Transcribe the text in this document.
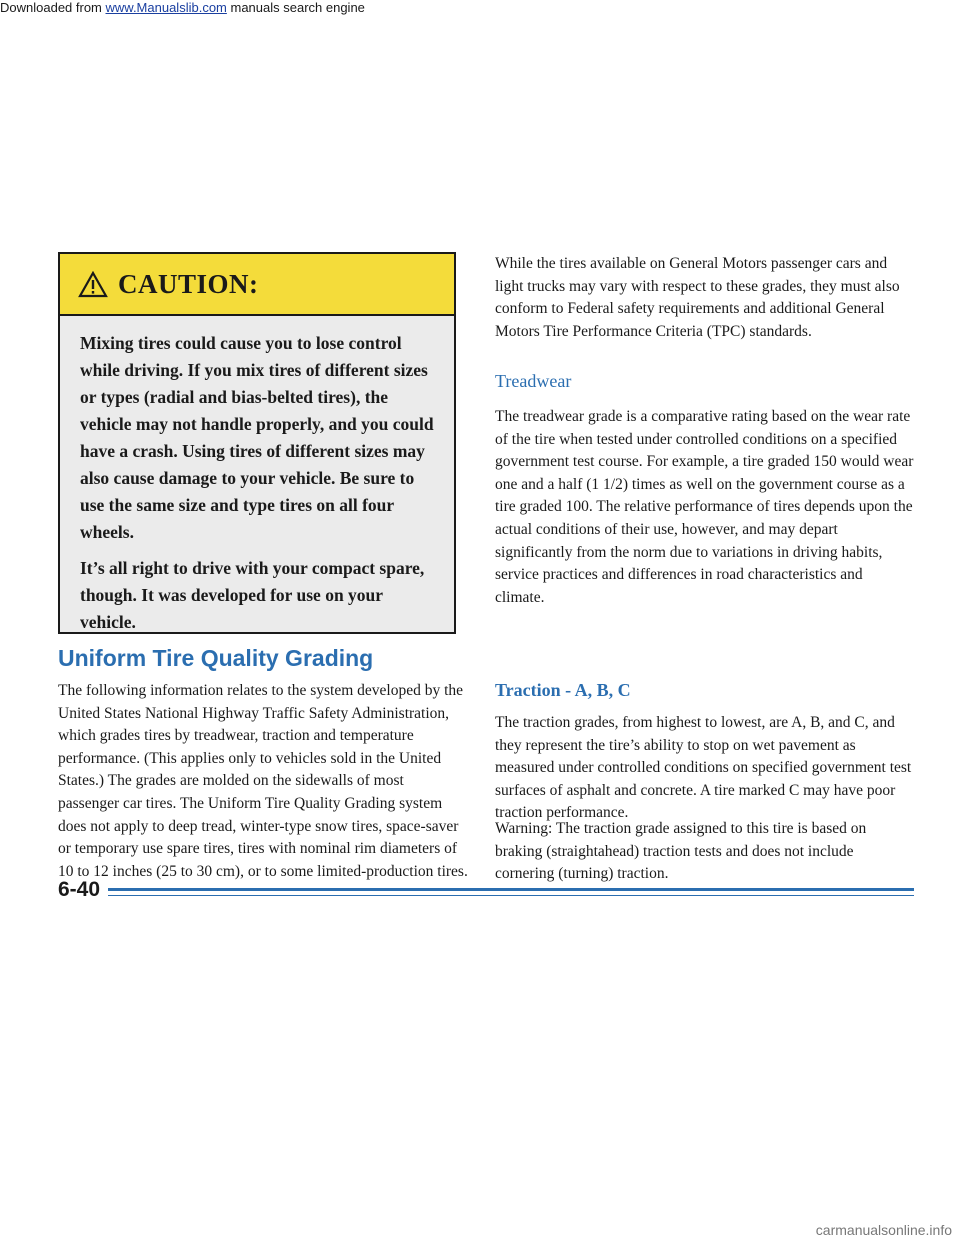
Downloaded from www.Manualslib.com manuals search engine

CAUTION:

Mixing tires could cause you to lose control while driving. If you mix tires of different sizes or types (radial and bias-belted tires), the vehicle may not handle properly, and you could have a crash. Using tires of different sizes may also cause damage to your vehicle. Be sure to use the same size and type tires on all four wheels.

It’s all right to drive with your compact spare, though. It was developed for use on your vehicle.

Uniform Tire Quality Grading

The following information relates to the system developed by the United States National Highway Traffic Safety Administration, which grades tires by treadwear, traction and temperature performance. (This applies only to vehicles sold in the United States.) The grades are molded on the sidewalls of most passenger car tires. The Uniform Tire Quality Grading system does not apply to deep tread, winter-type snow tires, space-saver or temporary use spare tires, tires with nominal rim diameters of 10 to 12 inches (25 to 30 cm), or to some limited-production tires.

While the tires available on General Motors passenger cars and light trucks may vary with respect to these grades, they must also conform to Federal safety requirements and additional General Motors Tire Performance Criteria (TPC) standards.

Treadwear

The treadwear grade is a comparative rating based on the wear rate of the tire when tested under controlled conditions on a specified government test course. For example, a tire graded 150 would wear one and a half (1 1/2) times as well on the government course as a tire graded 100. The relative performance of tires depends upon the actual conditions of their use, however, and may depart significantly from the norm due to variations in driving habits, service practices and differences in road characteristics and climate.

Traction - A, B, C

The traction grades, from highest to lowest, are A, B, and C, and they represent the tire’s ability to stop on wet pavement as measured under controlled conditions on specified government test surfaces of asphalt and concrete. A tire marked C may have poor traction performance.

Warning: The traction grade assigned to this tire is based on braking (straightahead) traction tests and does not include cornering (turning) traction.

6-40

carmanualsonline.info
